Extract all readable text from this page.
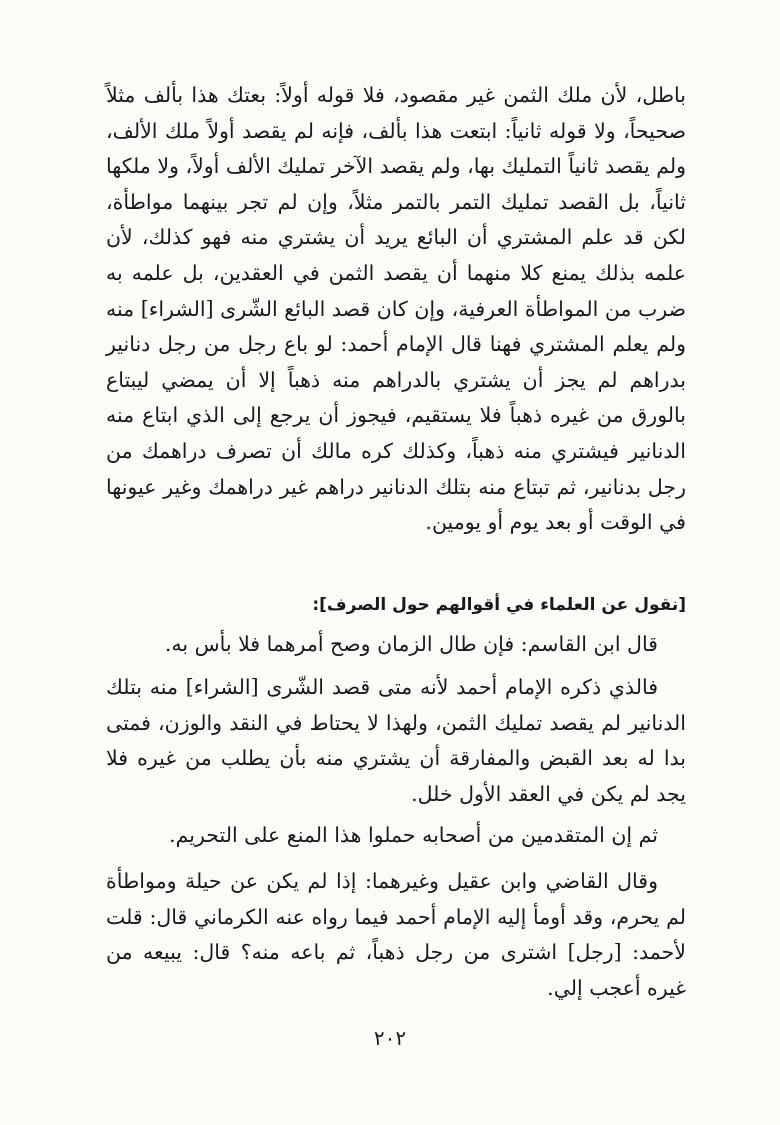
باطل، لأن ملك الثمن غير مقصود، فلا قوله أولاً: بعتك هذا بألف مثلاً صحيحاً، ولا قوله ثانياً: ابتعت هذا بألف، فإنه لم يقصد أولاً ملك الألف، ولم يقصد ثانياً التمليك بها، ولم يقصد الآخر تمليك الألف أولاً، ولا ملكها ثانياً، بل القصد تمليك التمر بالتمر مثلاً، وإن لم تجر بينهما مواطأة، لكن قد علم المشتري أن البائع يريد أن يشتري منه فهو كذلك، لأن علمه بذلك يمنع كلا منهما أن يقصد الثمن في العقدين، بل علمه به ضرب من المواطأة العرفية، وإن كان قصد البائع الشّرى [الشراء] منه ولم يعلم المشتري فهنا قال الإمام أحمد: لو باع رجل من رجل دنانير بدراهم لم يجز أن يشتري بالدراهم منه ذهباً إلا أن يمضي ليبتاع بالورق من غيره ذهباً فلا يستقيم، فيجوز أن يرجع إلى الذي ابتاع منه الدنانير فيشتري منه ذهباً، وكذلك كره مالك أن تصرف دراهمك من رجل بدنانير، ثم تبتاع منه بتلك الدنانير دراهم غير دراهمك وغير عيونها في الوقت أو بعد يوم أو يومين.

[نقول عن العلماء في أقوالهم حول الصرف]:

قال ابن القاسم: فإن طال الزمان وصح أمرهما فلا بأس به.

فالذي ذكره الإمام أحمد لأنه متى قصد الشّرى [الشراء] منه بتلك الدنانير لم يقصد تمليك الثمن، ولهذا لا يحتاط في النقد والوزن، فمتى بدا له بعد القبض والمفارقة أن يشتري منه بأن يطلب من غيره فلا يجد لم يكن في العقد الأول خلل.

ثم إن المتقدمين من أصحابه حملوا هذا المنع على التحريم.

وقال القاضي وابن عقيل وغيرهما: إذا لم يكن عن حيلة ومواطأة لم يحرم، وقد أومأ إليه الإمام أحمد فيما رواه عنه الكرماني قال: قلت لأحمد: [رجل] اشترى من رجل ذهباً، ثم باعه منه؟ قال: يبيعه من غيره أعجب إلي.

٢٠٢
